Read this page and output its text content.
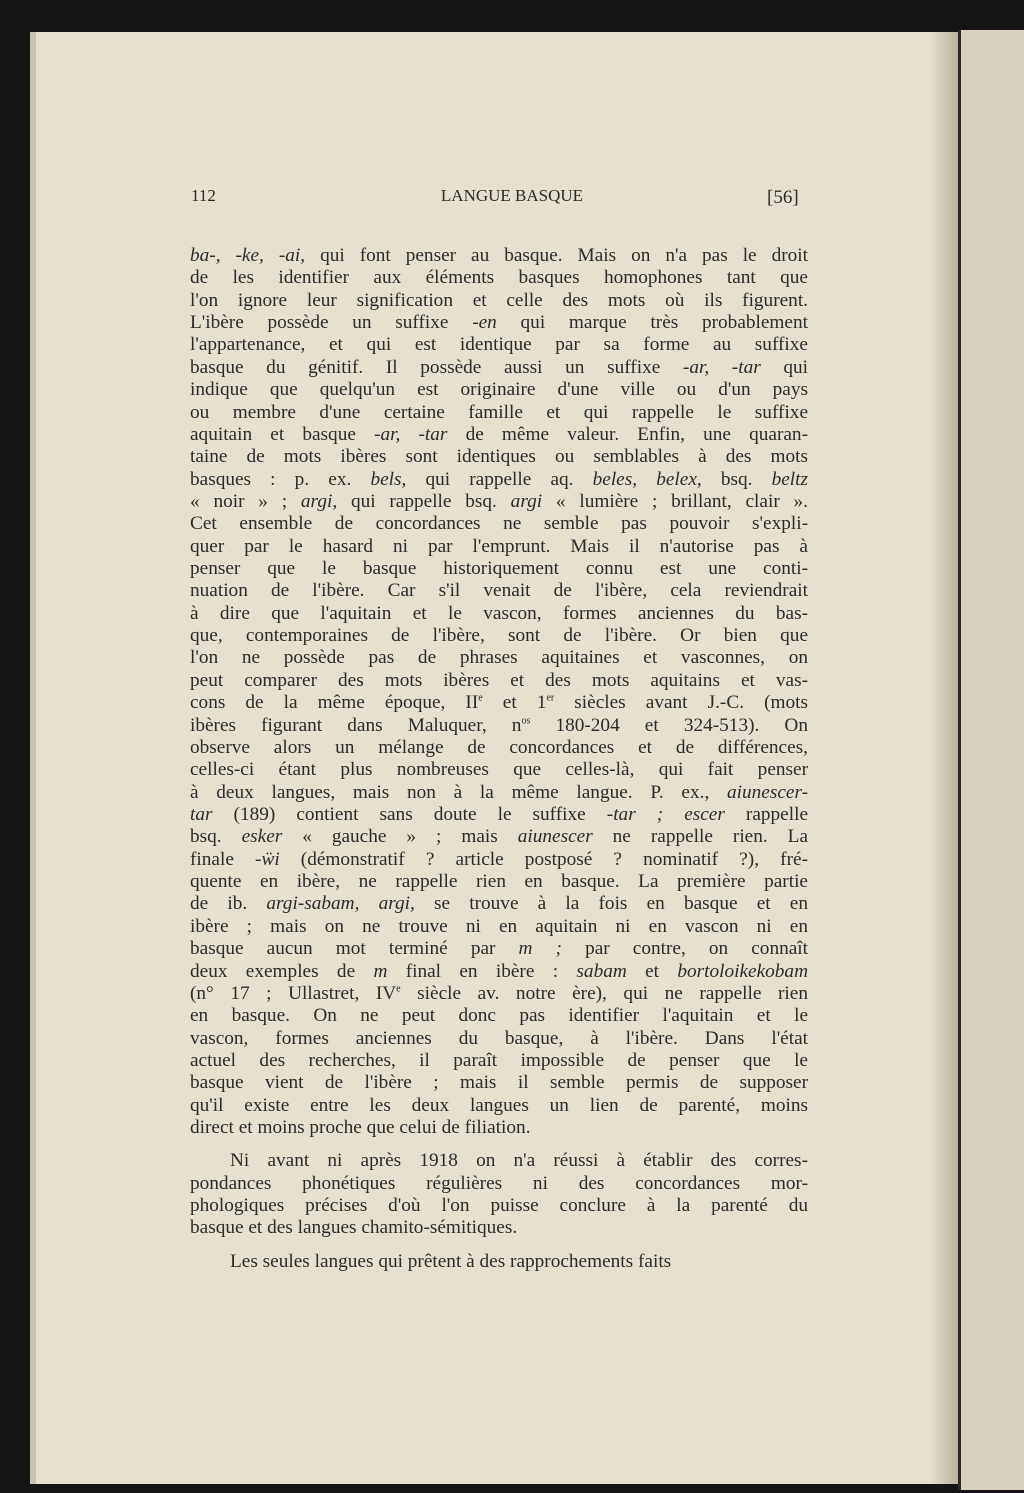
112	LANGUE BASQUE	[56]
ba-, -ke, -ai, qui font penser au basque. Mais on n'a pas le droit
de les identifier aux éléments basques homophones tant que
l'on ignore leur signification et celle des mots où ils figurent.
L'ibère possède un suffixe -en qui marque très probablement
l'appartenance, et qui est identique par sa forme au suffixe
basque du génitif. Il possède aussi un suffixe -ar, -tar qui
indique que quelqu'un est originaire d'une ville ou d'un pays
ou membre d'une certaine famille et qui rappelle le suffixe
aquitain et basque -ar, -tar de même valeur. Enfin, une quaran-
taine de mots ibères sont identiques ou semblables à des mots
basques : p. ex. bels, qui rappelle aq. beles, belex, bsq. beltz
« noir » ; argi, qui rappelle bsq. argi « lumière ; brillant, clair ».
Cet ensemble de concordances ne semble pas pouvoir s'expli-
quer par le hasard ni par l'emprunt. Mais il n'autorise pas à
penser que le basque historiquement connu est une conti-
nuation de l'ibère. Car s'il venait de l'ibère, cela reviendrait
à dire que l'aquitain et le vascon, formes anciennes du bas-
que, contemporaines de l'ibère, sont de l'ibère. Or bien que
l'on ne possède pas de phrases aquitaines et vasconnes, on
peut comparer des mots ibères et des mots aquitains et vas-
cons de la même époque, IIe et 1er siècles avant J.-C. (mots
ibères figurant dans Maluquer, $n^{os}$ 180-204 et 324-513). On
observe alors un mélange de concordances et de différences,
celles-ci étant plus nombreuses que celles-là, qui fait penser
à deux langues, mais non à la même langue. P. ex., aiunescer-
tar (189) contient sans doute le suffixe -tar ; escer rappelle
bsq. esker « gauche » ; mais aiunescer ne rappelle rien. La
finale -ẅi (démonstratif ? article postposé ? nominatif ?), fré-
quente en ibère, ne rappelle rien en basque. La première partie
de ib. argi-sabam, argi, se trouve à la fois en basque et en
ibère ; mais on ne trouve ni en aquitain ni en vascon ni en
basque aucun mot terminé par m ; par contre, on connaît
deux exemples de m final en ibère : sabam et bortoloikekobam
(n° 17 ; Ullastret, IVe siècle av. notre ère), qui ne rappelle rien
en basque. On ne peut donc pas identifier l'aquitain et le
vascon, formes anciennes du basque, à l'ibère. Dans l'état
actuel des recherches, il paraît impossible de penser que le
basque vient de l'ibère ; mais il semble permis de supposer
qu'il existe entre les deux langues un lien de parenté, moins
direct et moins proche que celui de filiation.
Ni avant ni après 1918 on n'a réussi à établir des corres-
pondances phonétiques régulières ni des concordances mor-
phologiques précises d'où l'on puisse conclure à la parenté du
basque et des langues chamito-sémitiques.
Les seules langues qui prêtent à des rapprochements faits
